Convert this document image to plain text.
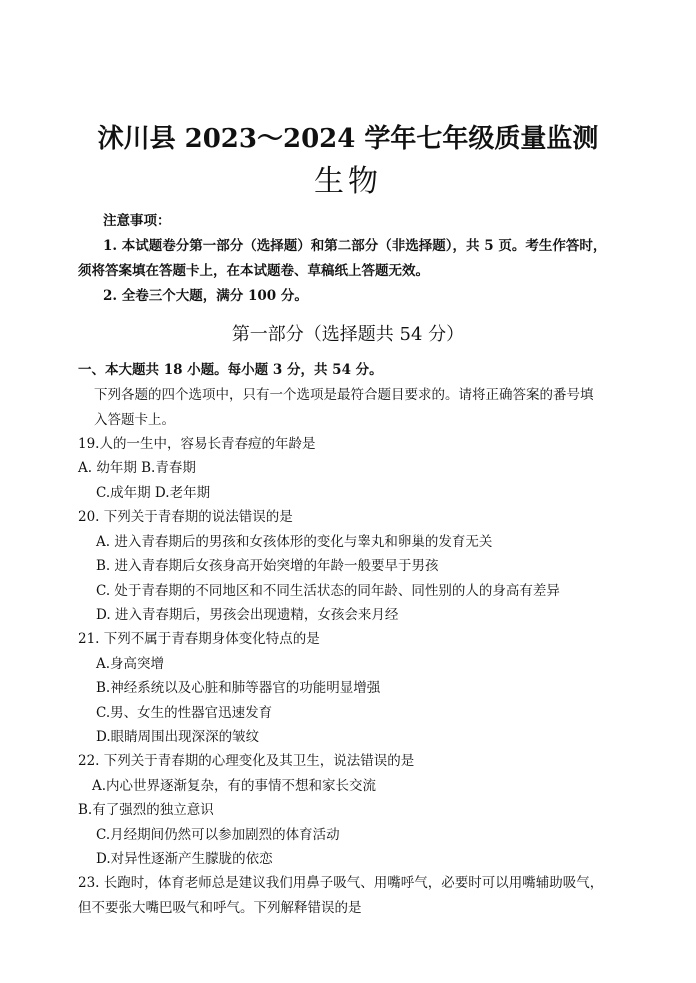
沭川县 2023～2024 学年七年级质量监测
生物
注意事项：
1. 本试题卷分第一部分（选择题）和第二部分（非选择题），共 5 页。考生作答时，
须将答案填在答题卡上，在本试题卷、草稿纸上答题无效。
2. 全卷三个大题，满分 100 分。
第一部分（选择题共 54 分）
一、本大题共 18 小题。每小题 3 分，共 54 分。
下列各题的四个选项中，只有一个选项是最符合题目要求的。请将正确答案的番号填
入答题卡上。
19.人的一生中，容易长青春痘的年龄是
A. 幼年期 B.青春期
C.成年期 D.老年期
20. 下列关于青春期的说法错误的是
A. 进入青春期后的男孩和女孩体形的变化与睾丸和卵巢的发育无关
B. 进入青春期后女孩身高开始突增的年龄一般要早于男孩
C. 处于青春期的不同地区和不同生活状态的同年龄、同性别的人的身高有差异
D. 进入青春期后，男孩会出现遗精，女孩会来月经
21. 下列不属于青春期身体变化特点的是
A.身高突增
B.神经系统以及心脏和肺等器官的功能明显增强
C.男、女生的性器官迅速发育
D.眼睛周围出现深深的皱纹
22. 下列关于青春期的心理变化及其卫生，说法错误的是
A.内心世界逐渐复杂，有的事情不想和家长交流
B.有了强烈的独立意识
C.月经期间仍然可以参加剧烈的体育活动
D.对异性逐渐产生朦胧的依恋
23. 长跑时，体育老师总是建议我们用鼻子吸气、用嘴呼气，必要时可以用嘴辅助吸气，
但不要张大嘴巴吸气和呼气。下列解释错误的是
